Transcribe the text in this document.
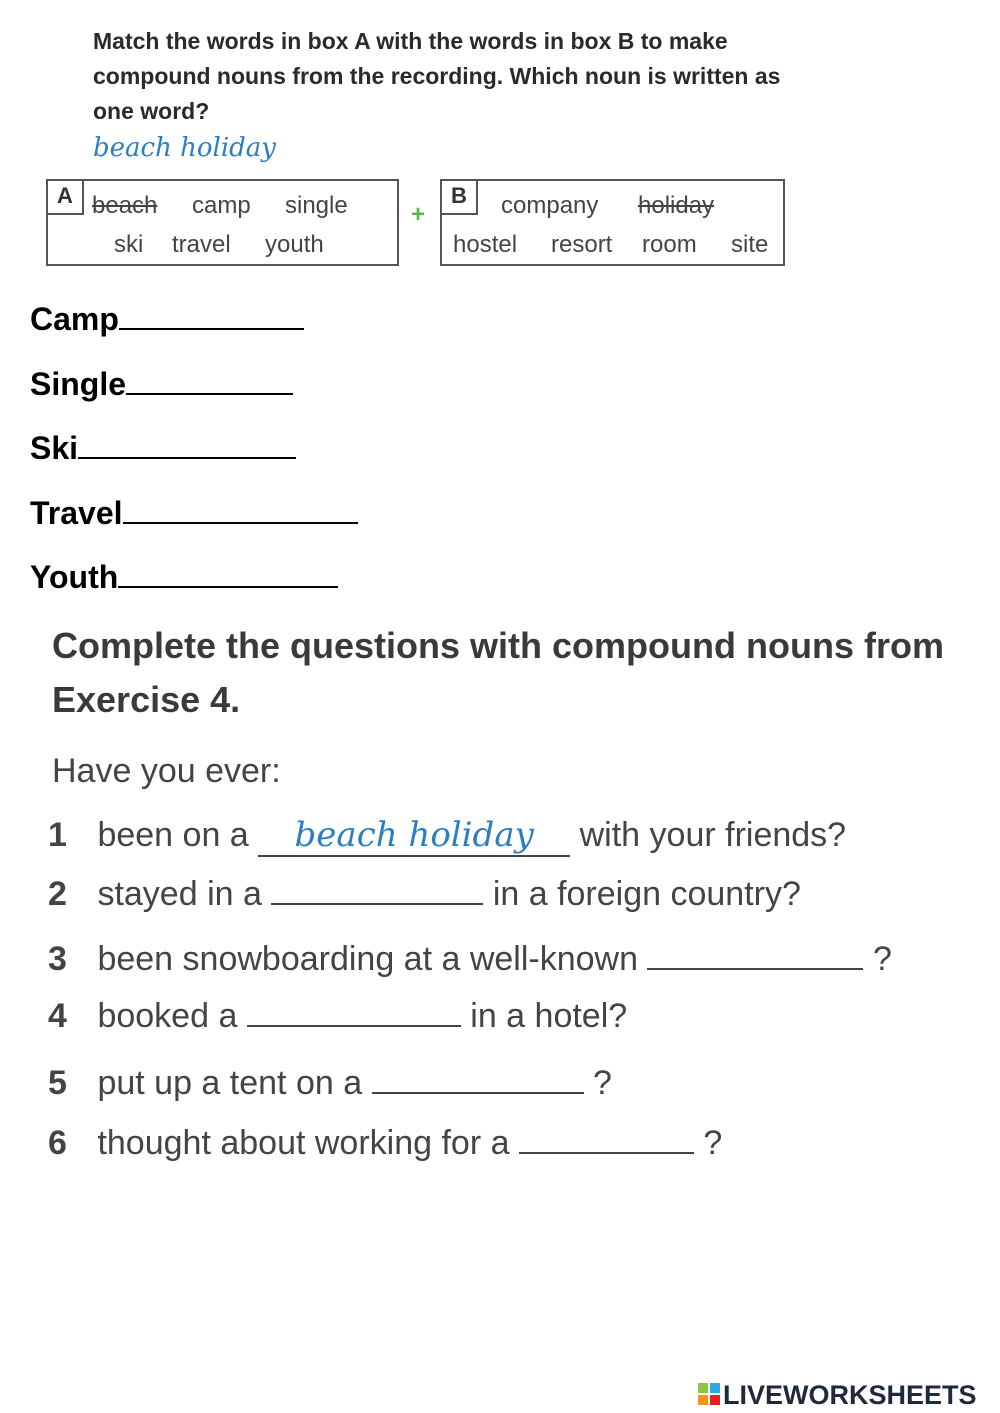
Match the words in box A with the words in box B to make compound nouns from the recording. Which noun is written as one word?
beach holiday
A beach camp single
ski travel youth
+
B	company holiday
hostel resort room site
Camp
Single
Ski
Travel
Youth
Complete the questions with compound nouns from Exercise 4.
Have you ever:
1 been on a beach holiday with your friends?
2 stayed in a	in a foreign country?
3 been snowboarding at a well-known	?
4 booked a	in a hotel?
5 put up a tent on a	?
6 thought about working for a	?
LIVEWORKSHEETS
